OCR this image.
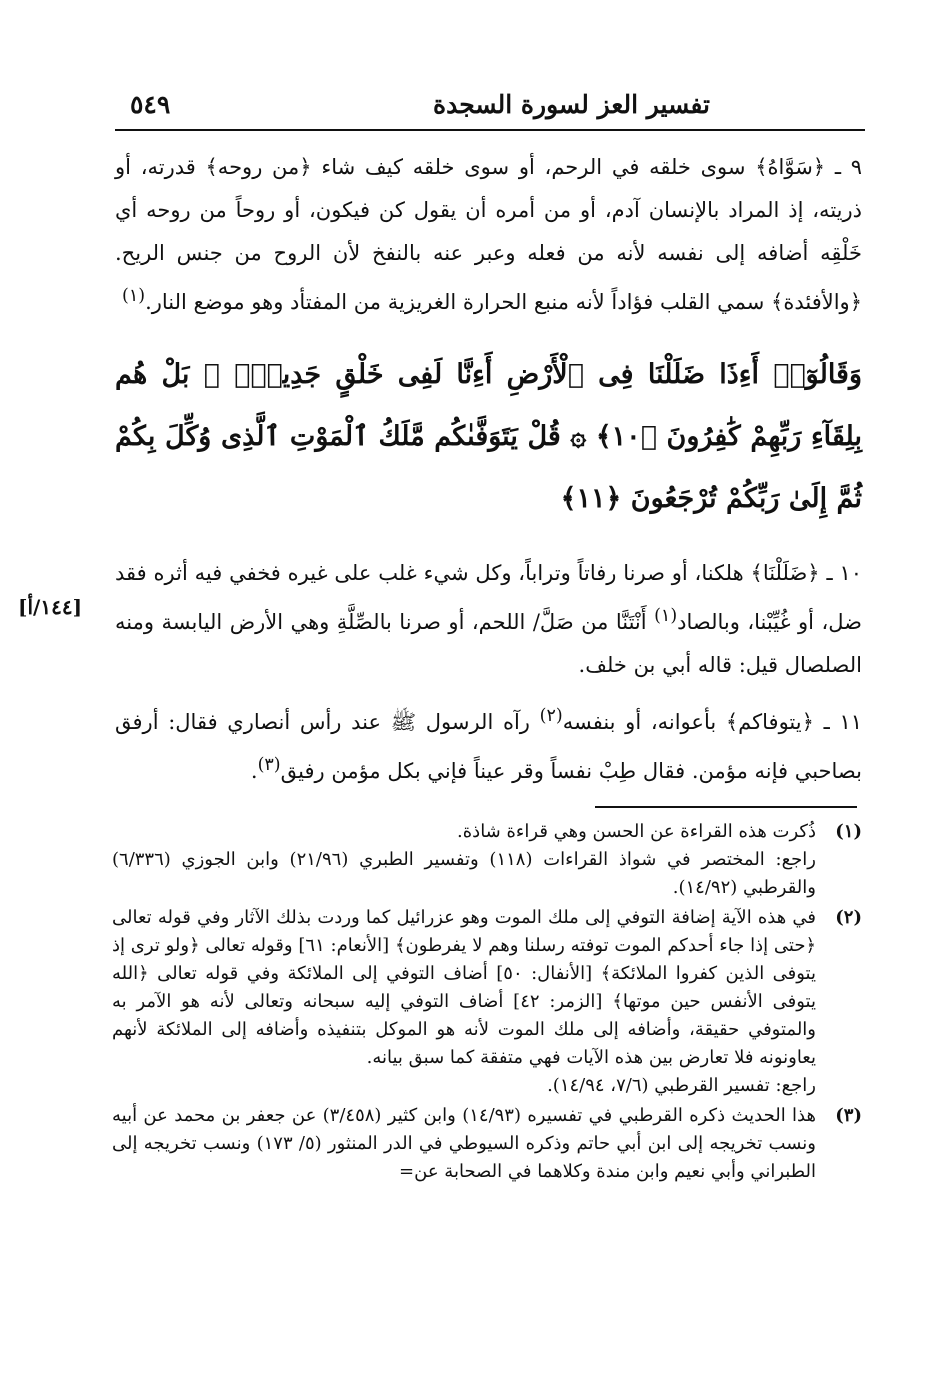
تفسير العز لسورة السجدة
٥٤٩

٩ ـ ﴿سَوَّاهُ﴾ سوى خلقه في الرحم، أو سوى خلقه كيف شاء ﴿من روحه﴾ قدرته، أو ذريته، إذ المراد بالإنسان آدم، أو من أمره أن يقول كن فيكون، أو روحاً من روحه أي خَلْقِه أضافه إلى نفسه لأنه من فعله وعبر عنه بالنفخ لأن الروح من جنس الريح. ﴿والأفئدة﴾ سمي القلب فؤاداً لأنه منبع الحرارة الغريزية من المفتأد وهو موضع النار.$^{(١)}$

وَقَالُوٓا۟ أَءِذَا ضَلَلْنَا فِى ٱلْأَرْضِ أَءِنَّا لَفِى خَلْقٍ جَدِيدٍۭ ۚ بَلْ هُم بِلِقَآءِ رَبِّهِمْ كَٰفِرُونَ ﴿١٠﴾ ۞ قُلْ يَتَوَفَّىٰكُم مَّلَكُ ٱلْمَوْتِ ٱلَّذِى وُكِّلَ بِكُمْ ثُمَّ إِلَىٰ رَبِّكُمْ تُرْجَعُونَ ﴿١١﴾

١٠ ـ ﴿ضَلَلْنَا﴾ هلكنا، أو صرنا رفاتاً وتراباً، وكل شيء غلب على غيره فخفي فيه أثره فقد ضل، أو غُيِّبْنا، وبالصاد$^{(١)}$ أَنْتَنَّا من صَلَّ/ اللحم، أو صرنا بالصِّلَّةِ وهي الأرض اليابسة ومنه الصلصال قيل: قاله أبي بن خلف.

١١ ـ ﴿يتوفاكم﴾ بأعوانه، أو بنفسه$^{(٢)}$ رآه الرسول ﷺ عند رأس أنصاري فقال: أرفق بصاحبي فإنه مؤمن. فقال طِبْ نفساً وقر عيناً فإني بكل مؤمن رفيق$^{(٣)}$.

[١٤٤/أ]
(١)

ذُكرت هذه القراءة عن الحسن وهي قراءة شاذة.

راجع: المختصر في شواذ القراءات (١١٨) وتفسير الطبري (٢١/٩٦) وابن الجوزي (٦/٣٣٦) والقرطبي (١٤/٩٢).

(٢)

في هذه الآية إضافة التوفي إلى ملك الموت وهو عزرائيل كما وردت بذلك الآثار وفي قوله تعالى ﴿حتى إذا جاء أحدكم الموت توفته رسلنا وهم لا يفرطون﴾ [الأنعام: ٦١] وقوله تعالى ﴿ولو ترى إذ يتوفى الذين كفروا الملائكة﴾ [الأنفال: ٥٠] أضاف التوفي إلى الملائكة وفي قوله تعالى ﴿الله يتوفى الأنفس حين موتها﴾ [الزمر: ٤٢] أضاف التوفي إليه سبحانه وتعالى لأنه هو الآمر به والمتوفي حقيقة، وأضافه إلى ملك الموت لأنه هو الموكل بتنفيذه وأضافه إلى الملائكة لأنهم يعاونونه فلا تعارض بين هذه الآيات فهي متفقة كما سبق بيانه.

راجع: تفسير القرطبي (٧/٦، ١٤/٩٤).

(٣)

هذا الحديث ذكره القرطبي في تفسيره (١٤/٩٣) وابن كثير (٣/٤٥٨) عن جعفر بن محمد عن أبيه ونسب تخريجه إلى ابن أبي حاتم وذكره السيوطي في الدر المنثور (٥/ ١٧٣) ونسب تخريجه إلى الطبراني وأبي نعيم وابن مندة وكلاهما في الصحابة عن=
